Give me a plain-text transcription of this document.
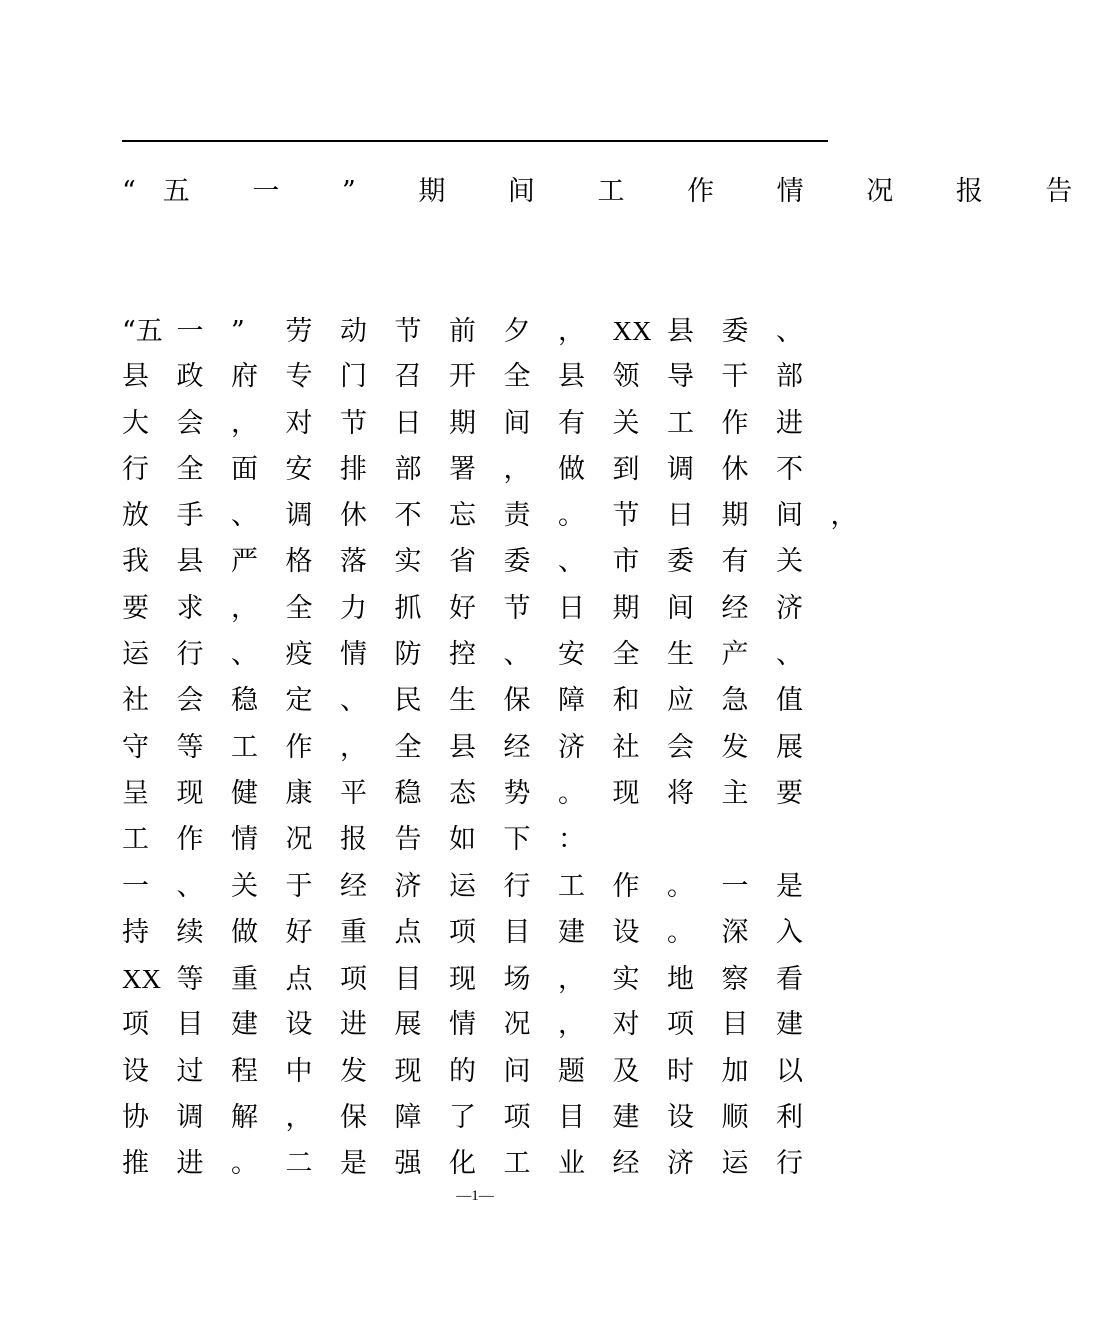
“五 一 ” 期 间 工 作 情 况 报 告
“五 一 ” 劳 动 节 前 夕 ， XX 县 委 、
县 政 府 专 门 召 开 全 县 领 导 干 部
大 会 ， 对 节 日 期 间 有 关 工 作 进
行 全 面 安 排 部 署 ， 做 到 调 休 不
放 手 、 调 休 不 忘 责 。 节 日 期 间 ，
我 县 严 格 落 实 省 委 、 市 委 有 关
要 求 ， 全 力 抓 好 节 日 期 间 经 济
运 行 、 疫 情 防 控 、 安 全 生 产 、
社 会 稳 定 、 民 生 保 障 和 应 急 值
守 等 工 作 ， 全 县 经 济 社 会 发 展
呈 现 健 康 平 稳 态 势 。 现 将 主 要
工 作 情 况 报 告 如 下 ：
一 、 关 于 经 济 运 行 工 作 。 一 是
持 续 做 好 重 点 项 目 建 设 。 深 入
XX 等 重 点 项 目 现 场 ， 实 地 察 看
项 目 建 设 进 展 情 况 ， 对 项 目 建
设 过 程 中 发 现 的 问 题 及 时 加 以
协 调 解 ， 保 障 了 项 目 建 设 顺 利
推 进 。 二 是 强 化 工 业 经 济 运 行
—1—
